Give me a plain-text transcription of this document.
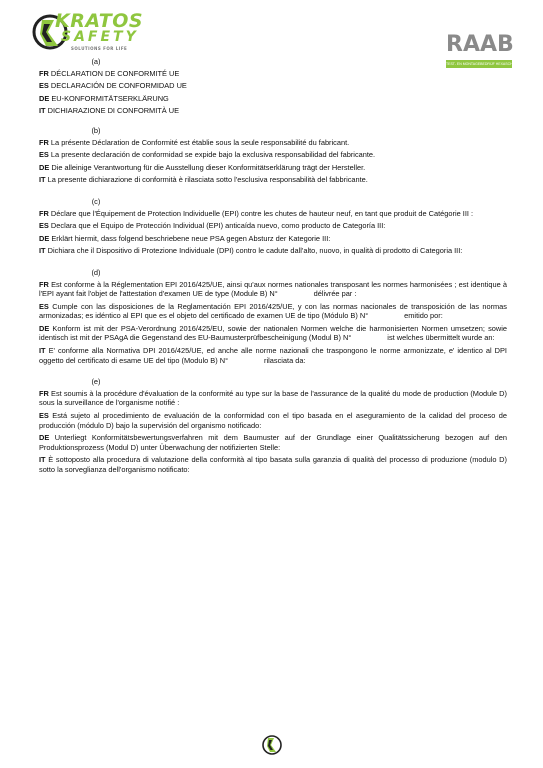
KRATOS
SAFETY
SOLUTIONS FOR LIFE	RAAB
TEST- EN MONTAGEBEDRIJF HEXASCHLIET
(a)
FR DÉCLARATION DE CONFORMITÉ UE
ES DECLARACIÓN DE CONFORMIDAD UE
DE EU-KONFORMITÄTSERKLÄRUNG
IT DICHIARAZIONE DI CONFORMITÀ UE
(b)
FR La présente Déclaration de Conformité est établie sous la seule responsabilité du fabricant.
ES La presente declaración de conformidad se expide bajo la exclusiva responsabilidad del fabricante.
DE Die alleinige Verantwortung für die Ausstellung dieser Konformitätserklärung trägt der Hersteller.
IT La presente dichiarazione di conformità è rilasciata sotto l'esclusiva responsabilità del fabbricante.
(c)
FR Déclare que l'Équipement de Protection Individuelle (EPI) contre les chutes de hauteur neuf, en tant que produit de Catégorie III :
ES Declara que el Equipo de Protección Individual (EPI) anticaída nuevo, como producto de Categoría III:
DE Erklärt hiermit, dass folgend beschriebene neue PSA gegen Absturz der Kategorie III:
IT Dichiara che il Dispositivo di Protezione Individuale (DPI) contro le cadute dall'alto, nuovo, in qualità di prodotto di Categoria III:
(d)
FR Est conforme à la Réglementation EPI 2016/425/UE, ainsi qu'aux normes nationales transposant les normes harmonisées ; est identique à l'EPI ayant fait l'objet de l'attestation d'examen UE de type (Module B) N°	délivrée par :
ES Cumple con las disposiciones de la Reglamentación EPI 2016/425/UE, y con las normas nacionales de transposición de las normas armonizadas; es idéntico al EPI que es el objeto del certificado de examen UE de tipo (Módulo B) N°	emitido por:
DE Konform ist mit der PSA-Verordnung 2016/425/EU, sowie der nationalen Normen welche die harmonisierten Normen umsetzen; sowie identisch ist mit der PSAgA die Gegenstand des EU-Baumusterprüfbescheinigung (Modul B) N°	ist welches übermittelt wurde an:
IT E' conforme alla Normativa DPI 2016/425/UE, ed anche alle norme nazionali che traspongono le norme armonizzate, e' identico al DPI oggetto del certificato di esame UE del tipo (Modulo B) N°	rilasciata da:
(e)
FR Est soumis à la procédure d'évaluation de la conformité au type sur la base de l'assurance de la qualité du mode de production (Module D) sous la surveillance de l'organisme notifié :
ES Está sujeto al procedimiento de evaluación de la conformidad con el tipo basada en el aseguramiento de la calidad del proceso de producción (módulo D) bajo la supervisión del organismo notificado:
DE Unterliegt Konformitätsbewertungsverfahren mit dem Baumuster auf der Grundlage einer Qualitätssicherung bezogen auf den Produktionsprozess (Modul D) unter Überwachung der notifizierten Stelle:
IT È sottoposto alla procedura di valutazione della conformità al tipo basata sulla garanzia di qualità del processo di produzione (modulo D) sotto la sorveglianza dell'organismo notificato:
